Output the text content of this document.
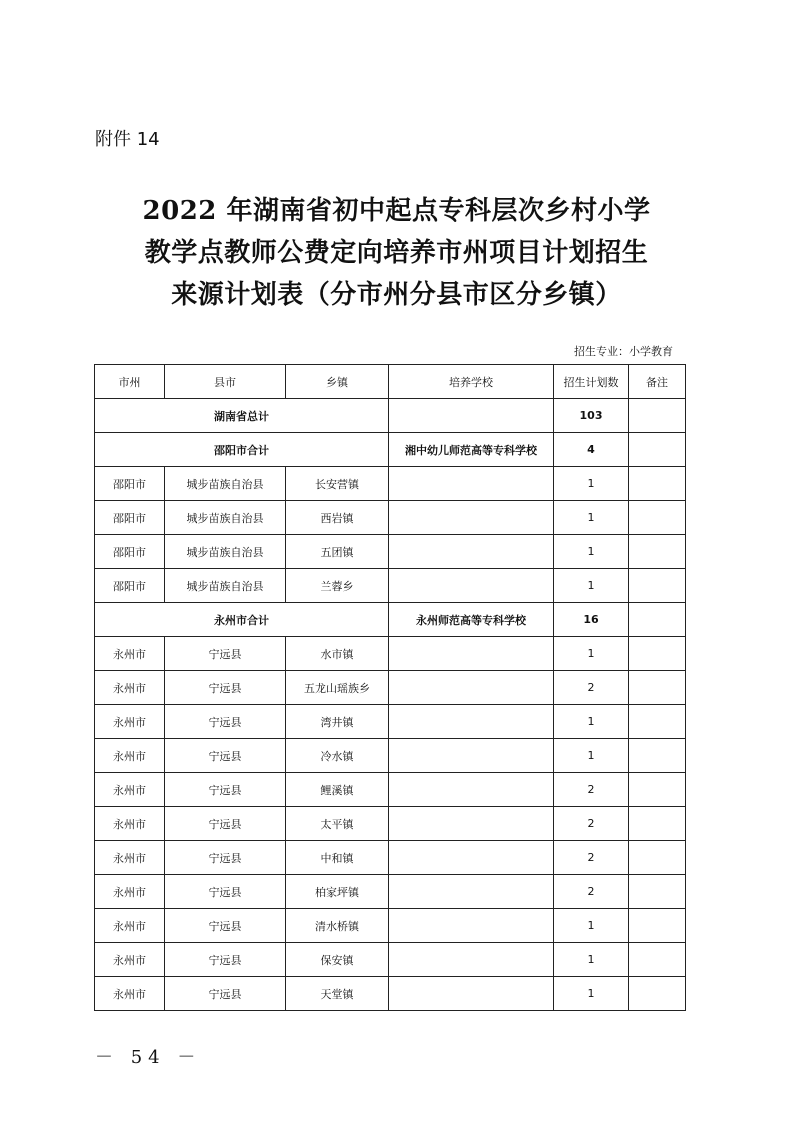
附件 14
2022 年湖南省初中起点专科层次乡村小学
教学点教师公费定向培养市州项目计划招生
来源计划表（分市州分县市区分乡镇）
招生专业：小学教育
市州	县市	乡镇	培养学校	招生计划数	备注
湖南省总计				103	
邵阳市合计			湘中幼儿师范高等专科学校	4	
邵阳市	城步苗族自治县	长安营镇		1	
邵阳市	城步苗族自治县	西岩镇		1	
邵阳市	城步苗族自治县	五团镇		1	
邵阳市	城步苗族自治县	兰蓉乡		1	
永州市合计			永州师范高等专科学校	16	
永州市	宁远县	水市镇		1	
永州市	宁远县	五龙山瑶族乡		2	
永州市	宁远县	湾井镇		1	
永州市	宁远县	冷水镇		1	
永州市	宁远县	鲤溪镇		2	
永州市	宁远县	太平镇		2	
永州市	宁远县	中和镇		2	
永州市	宁远县	柏家坪镇		2	
永州市	宁远县	清水桥镇		1	
永州市	宁远县	保安镇		1	
永州市	宁远县	天堂镇		1	
－ 54 －
